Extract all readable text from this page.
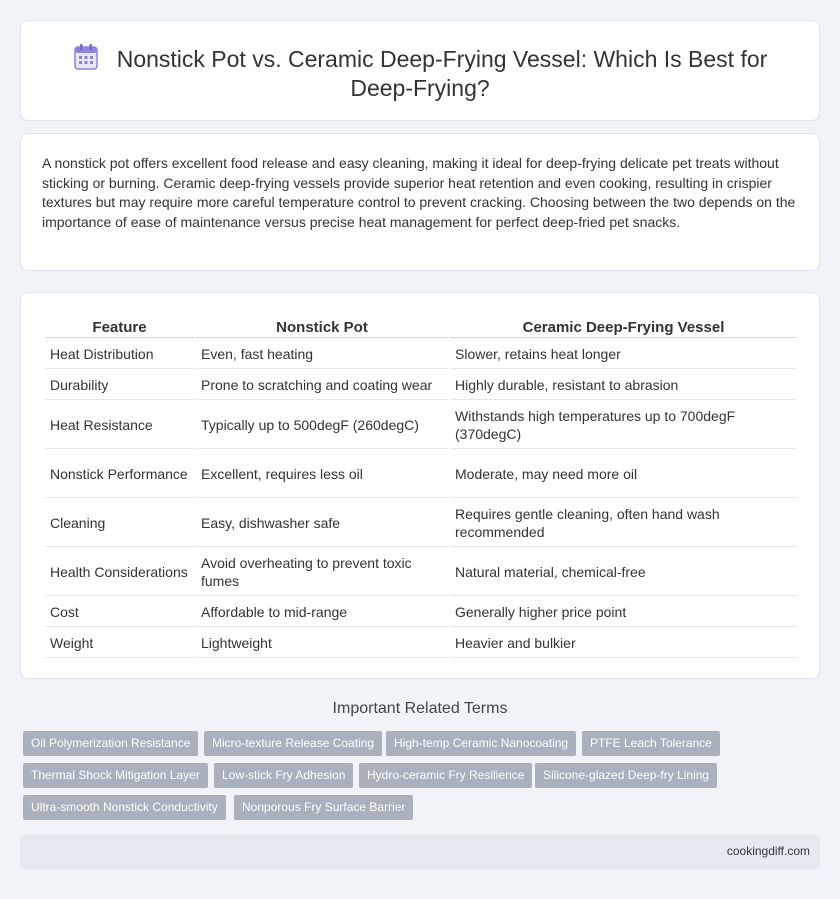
Nonstick Pot vs. Ceramic Deep-Frying Vessel: Which Is Best for Deep-Frying?

A nonstick pot offers excellent food release and easy cleaning, making it ideal for deep-frying delicate pet treats without sticking or burning. Ceramic deep-frying vessels provide superior heat retention and even cooking, resulting in crispier textures but may require more careful temperature control to prevent cracking. Choosing between the two depends on the importance of ease of maintenance versus precise heat management for perfect deep-fried pet snacks.

Feature	Nonstick Pot	Ceramic Deep-Frying Vessel
Heat Distribution	Even, fast heating	Slower, retains heat longer
Durability	Prone to scratching and coating wear	Highly durable, resistant to abrasion
Heat Resistance	Typically up to 500degF (260degC)	Withstands high temperatures up to 700degF (370degC)
Nonstick Performance	Excellent, requires less oil	Moderate, may need more oil
Cleaning	Easy, dishwasher safe	Requires gentle cleaning, often hand wash recommended
Health Considerations	Avoid overheating to prevent toxic fumes	Natural material, chemical-free
Cost	Affordable to mid-range	Generally higher price point
Weight	Lightweight	Heavier and bulkier
Important Related Terms
Oil Polymerization Resistance	Micro-texture Release Coating	High-temp Ceramic Nanocoating	PTFE Leach Tolerance
Thermal Shock Mitigation Layer	Low-stick Fry Adhesion	Hydro-ceramic Fry Resilience	Silicone-glazed Deep-fry Lining
Ultra-smooth Nonstick Conductivity	Nonporous Fry Surface Barrier
cookingdiff.com
